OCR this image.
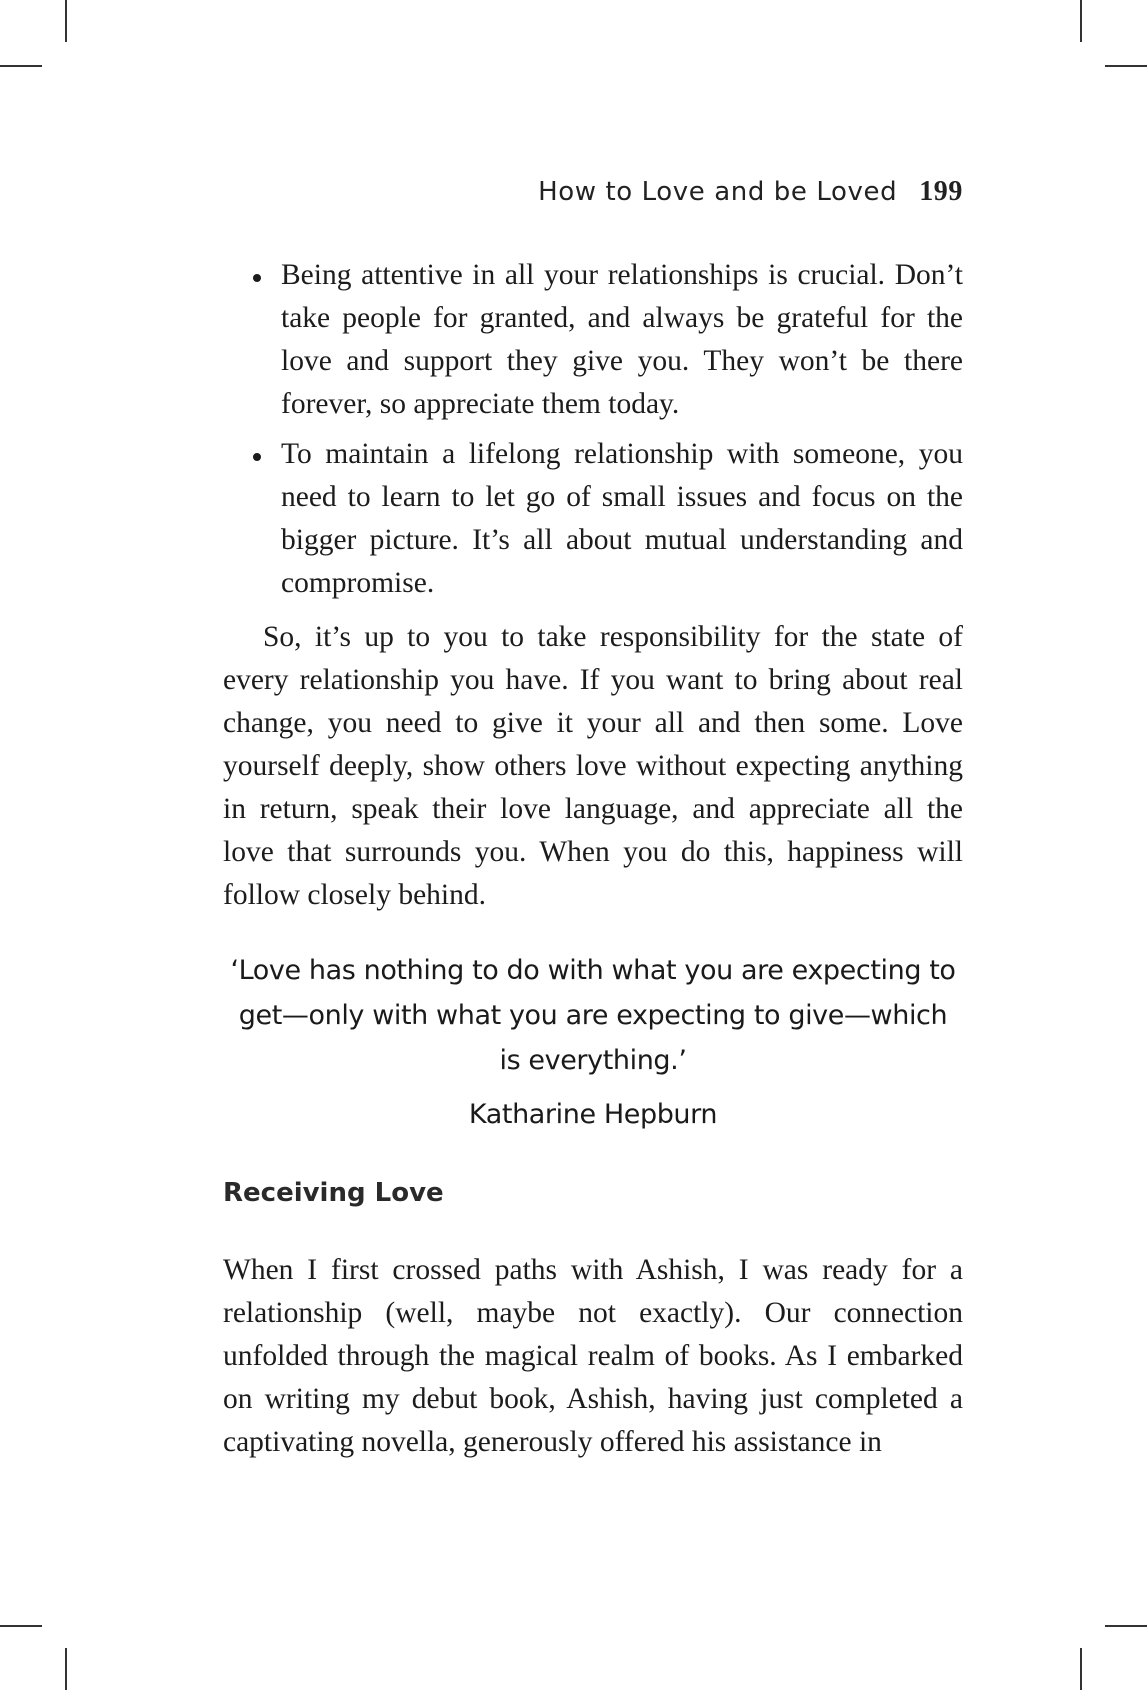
How to Love and be Loved 199
Being attentive in all your relationships is crucial. Don’t take people for granted, and always be grateful for the love and support they give you. They won’t be there forever, so appreciate them today.
To maintain a lifelong relationship with someone, you need to learn to let go of small issues and focus on the bigger picture. It’s all about mutual understanding and compromise.

So, it’s up to you to take responsibility for the state of every relationship you have. If you want to bring about real change, you need to give it your all and then some. Love yourself deeply, show others love without expecting anything in return, speak their love language, and appreciate all the love that surrounds you. When you do this, happiness will follow closely behind.

‘Love has nothing to do with what you are expecting to
get—only with what you are expecting to give—which
is everything.’
Katharine Hepburn
Receiving Love

When I first crossed paths with Ashish, I was ready for a relationship (well, maybe not exactly). Our connection unfolded through the magical realm of books. As I embarked on writing my debut book, Ashish, having just completed a captivating novella, generously offered his assistance in
